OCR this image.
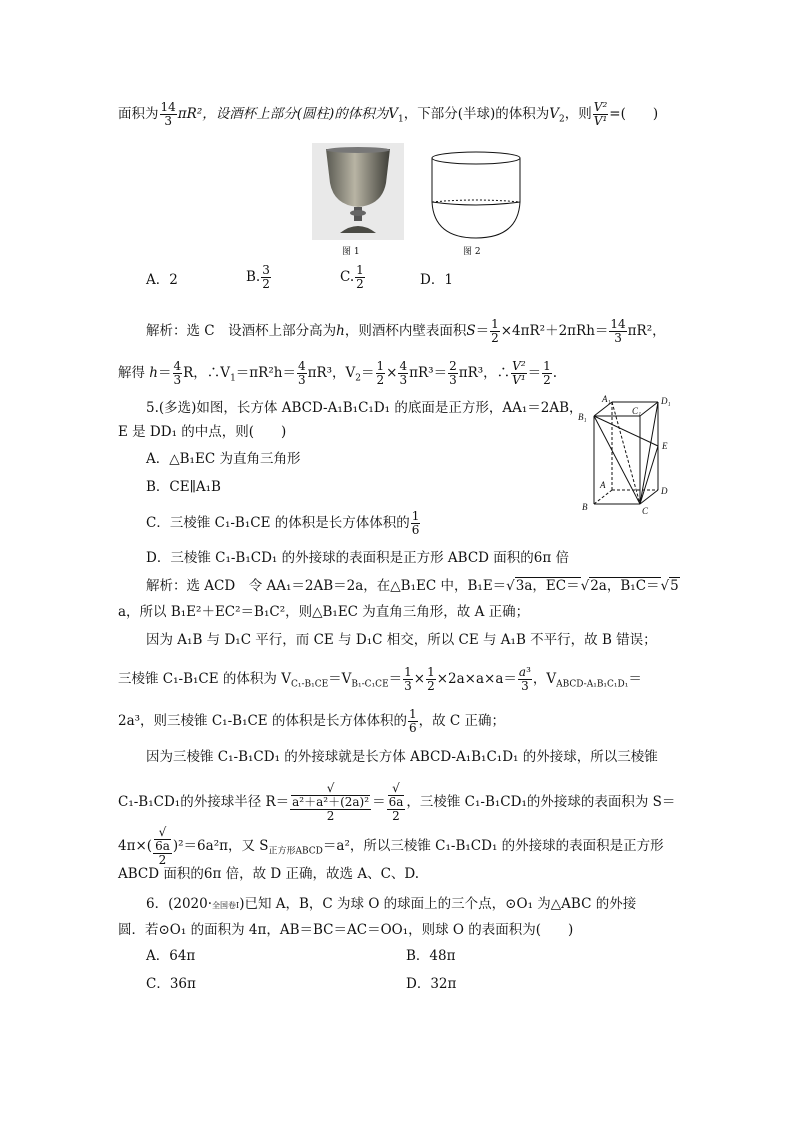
面积为 $\frac{14}{3} \pi R^2$，设酒杯上部分(圆柱)的体积为$V_1$，下部分(半球)的体积为$V_2$，则 $\frac{\text{V²}}{\text{V¹}}$ =(　　)
图 1	图 2
A．2	B. $\frac{3}{2}$	C. $\frac{1}{2}$	D．1
解析：选 C　设酒杯上部分高为h，则酒杯内壁表面积$S= \frac{1}{2} \times 4\pi R^2+2\pi Rh= \frac{14}{3} \pi R^2$，
解得 $h= \frac{4}{3}$ R，$\therefore V_1=\pi R^2h= \frac{4}{3} \pi R^3$，$V_2= \frac{1}{2} \times \frac{4}{3} \pi R^3= \frac{2}{3} \pi R^3$，∴ $\frac{\text{V²}}{\text{V¹}} = \frac{1}{2}$ .
5.(多选)如图，长方体 ABCD-A₁B₁C₁D₁ 的底面是正方形，AA₁＝2AB，
E 是 DD₁ 的中点，则(　　)
A．△B₁EC 为直角三角形
B．CE∥A₁B
C．三棱锥 C₁-B₁CE 的体积是长方体体积的 $\frac{1}{6}$
D．三棱锥 C₁-B₁CD₁ 的外接球的表面积是正方形 ABCD 面积的6π 倍
A₁
C₁
D₁
B₁
E
A
D
B	C
解析：选 ACD　令 AA₁＝2AB＝2a，在△B₁EC 中，B₁E＝√3a，EC＝√2a，B₁C＝√5
a，所以 B₁E²＋EC²＝B₁C²，则△B₁EC 为直角三角形，故 A 正确；
因为 A₁B 与 D₁C 平行，而 CE 与 D₁C 相交，所以 CE 与 A₁B 不平行，故 B 错误；
三棱锥 C₁-B₁CE 的体积为 $V_{C_1-B_1CE}=V_{B_1-C_1CE}= \frac{1}{3} \times \frac{1}{2} \times 2a\times a\times a= \frac{\text{a³}}{3}$ ，$V_{ABCD-A_1B_1C_1D_1}=$
2a³，则三棱锥 C₁-B₁CE 的体积是长方体体积的 $\frac{1}{6}$ ，故 C 正确；
因为三棱锥 C₁-B₁CD₁ 的外接球就是长方体 ABCD-A₁B₁C₁D₁ 的外接球，所以三棱锥
C₁-B₁CD₁的外接球半径 R＝ √
a²＋a²＋(2a)²
2 ＝ √
6a
2 ，三棱锥 C₁-B₁CD₁的外接球的表面积为 S＝
4π×( √
6a
2 )²＝6a²π，又 $S_{正方形ABCD}=a^2$，所以三棱锥 C₁-B₁CD₁ 的外接球的表面积是正方形
ABCD 面积的6π 倍，故 D 正确，故选 A、C、D.
6．(2020·全国卷Ⅰ)已知 A，B，C 为球 O 的球面上的三个点，⊙O₁ 为△ABC 的外接
圆．若⊙O₁ 的面积为 4π，AB＝BC＝AC＝OO₁，则球 O 的表面积为(　　)
A．64π	B．48π
C．36π	D．32π
